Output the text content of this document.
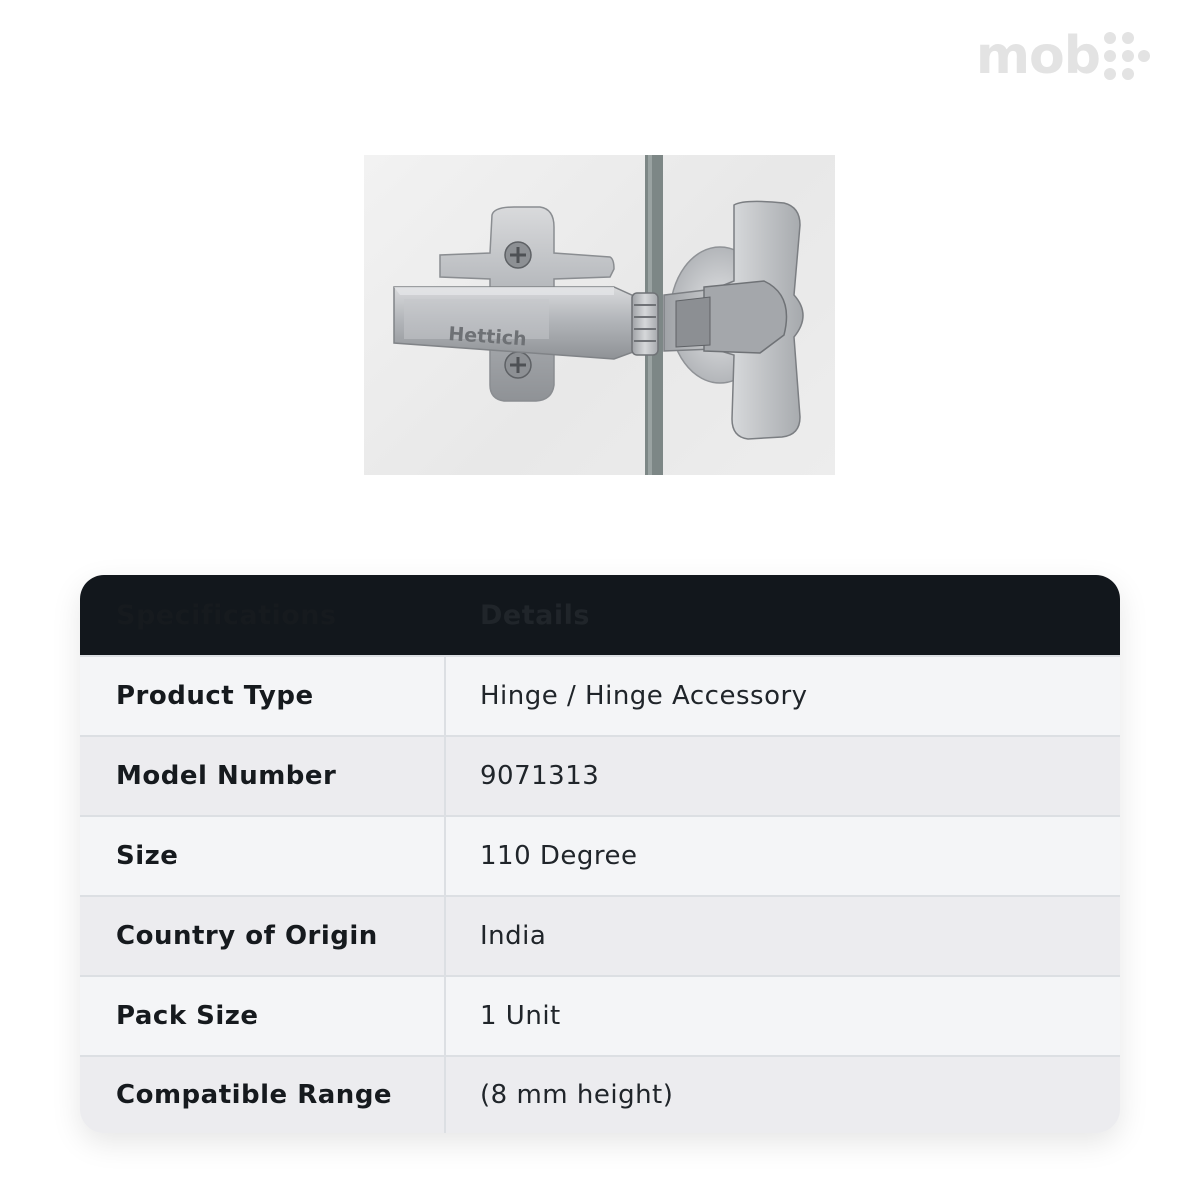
mob
Hettich
Specifications	Details
Product Type	Hinge / Hinge Accessory
Model Number	9071313
Size	110 Degree
Country of Origin	India
Pack Size	1 Unit
Compatible Range	(8 mm height)
